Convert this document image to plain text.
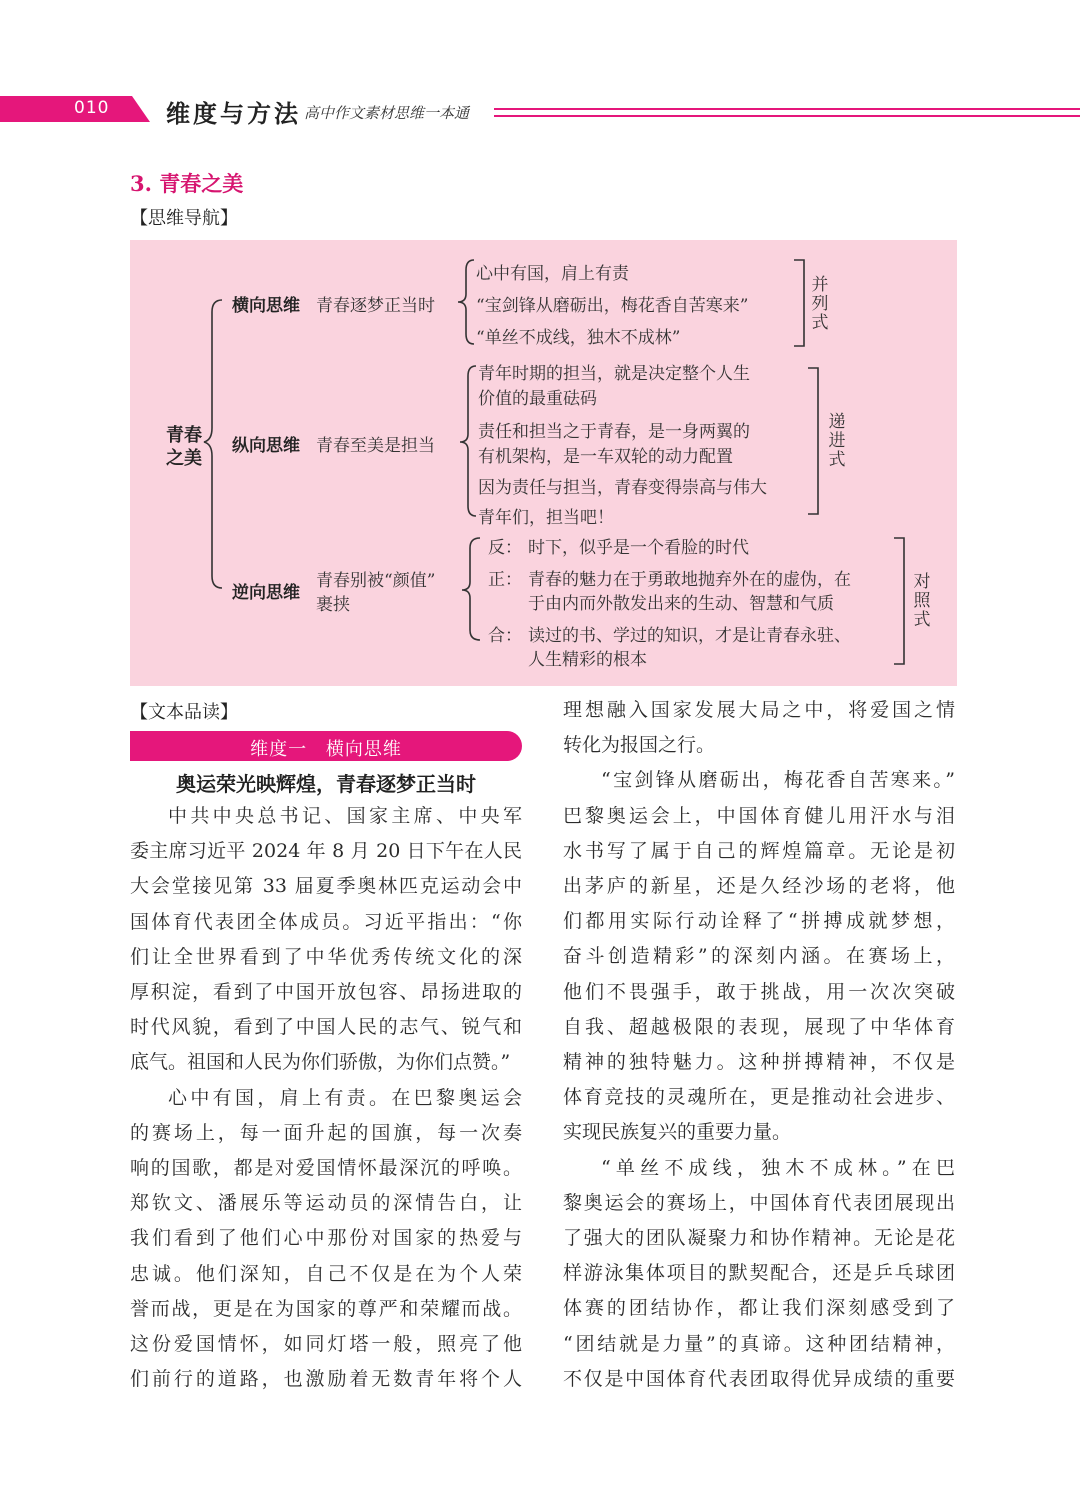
010 维度与方法 高中作文素材思维一本通
3. 青春之美
【思维导航】
青春
之美
横向思维 青春逐梦正当时
心中有国，肩上有责
“宝剑锋从磨砺出，梅花香自苦寒来”
“单丝不成线，独木不成林”
并
列
式
纵向思维 青春至美是担当
青年时期的担当，就是决定整个人生
价值的最重砝码
责任和担当之于青春，是一身两翼的
有机架构，是一车双轮的动力配置
因为责任与担当，青春变得崇高与伟大
青年们，担当吧！
递
进
式
逆向思维
青春别被“颜值”
裹挟
反： 时下，似乎是一个看脸的时代
正： 青春的魅力在于勇敢地抛弃外在的虚伪，在
于由内而外散发出来的生动、智慧和气质
合： 读过的书、学过的知识，才是让青春永驻、
人生精彩的根本
对
照
式
【文本品读】
维度一 横向思维
奥运荣光映辉煌，青春逐梦正当时
中共中央总书记、国家主席、中央军
委主席习近平 2024 年 8 月 20 日下午在人民
大会堂接见第 33 届夏季奥林匹克运动会中
国体育代表团全体成员。习近平指出：“你
们让全世界看到了中华优秀传统文化的深
厚积淀，看到了中国开放包容、昂扬进取的
时代风貌，看到了中国人民的志气、锐气和
底气。祖国和人民为你们骄傲，为你们点赞。”
心中有国，肩上有责。在巴黎奥运会
的赛场上，每一面升起的国旗，每一次奏
响的国歌，都是对爱国情怀最深沉的呼唤。
郑钦文、潘展乐等运动员的深情告白，让
我们看到了他们心中那份对国家的热爱与
忠诚。他们深知，自己不仅是在为个人荣
誉而战，更是在为国家的尊严和荣耀而战。
这份爱国情怀，如同灯塔一般，照亮了他
们前行的道路，也激励着无数青年将个人
理想融入国家发展大局之中，将爱国之情
转化为报国之行。
“宝剑锋从磨砺出，梅花香自苦寒来。”
巴黎奥运会上，中国体育健儿用汗水与泪
水书写了属于自己的辉煌篇章。无论是初
出茅庐的新星，还是久经沙场的老将，他
们都用实际行动诠释了“拼搏成就梦想，
奋斗创造精彩”的深刻内涵。在赛场上，
他们不畏强手，敢于挑战，用一次次突破
自我、超越极限的表现，展现了中华体育
精神的独特魅力。这种拼搏精神，不仅是
体育竞技的灵魂所在，更是推动社会进步、
实现民族复兴的重要力量。
“单丝不成线，独木不成林。”在巴
黎奥运会的赛场上，中国体育代表团展现出
了强大的团队凝聚力和协作精神。无论是花
样游泳集体项目的默契配合，还是乒乓球团
体赛的团结协作，都让我们深刻感受到了
“团结就是力量”的真谛。这种团结精神，
不仅是中国体育代表团取得优异成绩的重要
